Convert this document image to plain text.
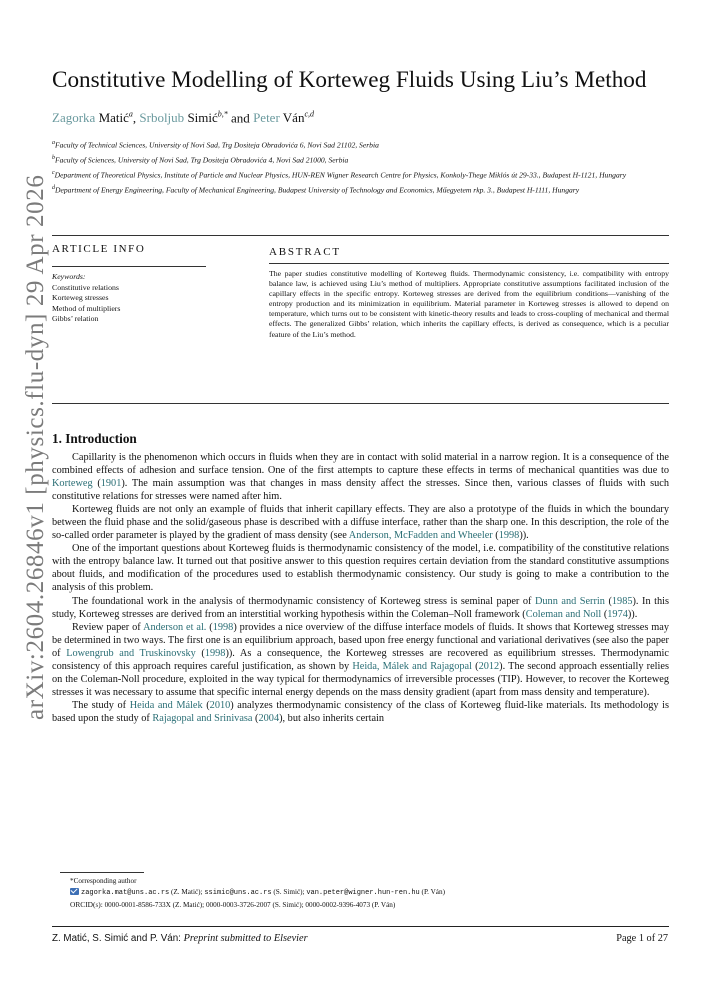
arXiv:2604.26846v1 [physics.flu-dyn] 29 Apr 2026
Constitutive Modelling of Korteweg Fluids Using Liu’s Method
Zagorka Matić$^a$, Srboljub Simić$^{b,*}$ and Peter Ván$^{c,d}$

$^a$Faculty of Technical Sciences, University of Novi Sad, Trg Dositeja Obradovića 6, Novi Sad 21102, Serbia

$^b$Faculty of Sciences, University of Novi Sad, Trg Dositeja Obradovića 4, Novi Sad 21000, Serbia

$^c$Department of Theoretical Physics, Institute of Particle and Nuclear Physics, HUN-REN Wigner Research Centre for Physics, Konkoly-Thege Miklós út 29-33., Budapest H-1121, Hungary

$^d$Department of Energy Engineering, Faculty of Mechanical Engineering, Budapest University of Technology and Economics, Műegyetem rkp. 3., Budapest H-1111, Hungary

ARTICLE INFO	ABSTRACT
Keywords:
Constitutive relations
Korteweg stresses
Method of multipliers
Gibbs’ relation

The paper studies constitutive modelling of Korteweg fluids. Thermodynamic consistency, i.e. compatibility with entropy balance law, is achieved using Liu’s method of multipliers. Appropriate constitutive assumptions facilitated inclusion of the capillary effects in the specific entropy. Korteweg stresses are derived from the equilibrium conditions—vanishing of the entropy production and its minimization in equilibrium. Material parameter in Korteweg stresses is allowed to depend on temperature, which turns out to be consistent with kinetic-theory results and leads to cross-coupling of mechanical and thermal effects. The generalized Gibbs’ relation, which inherits the capillary effects, is derived as consequence, which is a peculiar feature of the Liu’s method.

1. Introduction

Capillarity is the phenomenon which occurs in fluids when they are in contact with solid material in a narrow region. It is a consequence of the combined effects of adhesion and surface tension. One of the first attempts to capture these effects in terms of mechanical quantities was due to Korteweg (1901). The main assumption was that changes in mass density affect the stresses. Since then, various classes of fluids with such constitutive relations for stresses were named after him.

Korteweg fluids are not only an example of fluids that inherit capillary effects. They are also a prototype of the fluids in which the boundary between the fluid phase and the solid/gaseous phase is described with a diffuse interface, rather than the sharp one. In this description, the role of the so-called order parameter is played by the gradient of mass density (see Anderson, McFadden and Wheeler (1998)).

One of the important questions about Korteweg fluids is thermodynamic consistency of the model, i.e. compatibility of the constitutive relations with the entropy balance law. It turned out that positive answer to this question requires certain deviation from the standard constitutive assumptions about fluids, and modification of the procedures used to establish thermodynamic consistency. Our study is going to make a contribution to the analysis of this problem.

The foundational work in the analysis of thermodynamic consistency of Korteweg stress is seminal paper of Dunn and Serrin (1985). In this study, Korteweg stresses are derived from an interstitial working hypothesis within the Coleman–Noll framework (Coleman and Noll (1974)).

Review paper of Anderson et al. (1998) provides a nice overview of the diffuse interface models of fluids. It shows that Korteweg stresses may be determined in two ways. The first one is an equilibrium approach, based upon free energy functional and variational derivatives (see also the paper of Lowengrub and Truskinovsky (1998)). As a consequence, the Korteweg stresses are recovered as equilibrium stresses. Thermodynamic consistency of this approach requires careful justification, as shown by Heida, Málek and Rajagopal (2012). The second approach essentially relies on the Coleman-Noll procedure, exploited in the way typical for thermodynamics of irreversible processes (TIP). However, to recover the Korteweg stresses it was necessary to assume that specific internal energy depends on the mass density gradient (apart from mass density and temperature).

The study of Heida and Málek (2010) analyzes thermodynamic consistency of the class of Korteweg fluid-like materials. Its methodology is based upon the study of Rajagopal and Srinivasa (2004), but also inherits certain

*Corresponding author
zagorka.mat@uns.ac.rs (Z. Matić); ssimic@uns.ac.rs (S. Simić); van.peter@wigner.hun-ren.hu (P. Ván)
ORCID(s): 0000-0001-8586-733X (Z. Matić); 0000-0003-3726-2007 (S. Simić); 0000-0002-9396-4073 (P. Ván)
Z. Matić, S. Simić and P. Ván: Preprint submitted to Elsevier	Page 1 of 27
